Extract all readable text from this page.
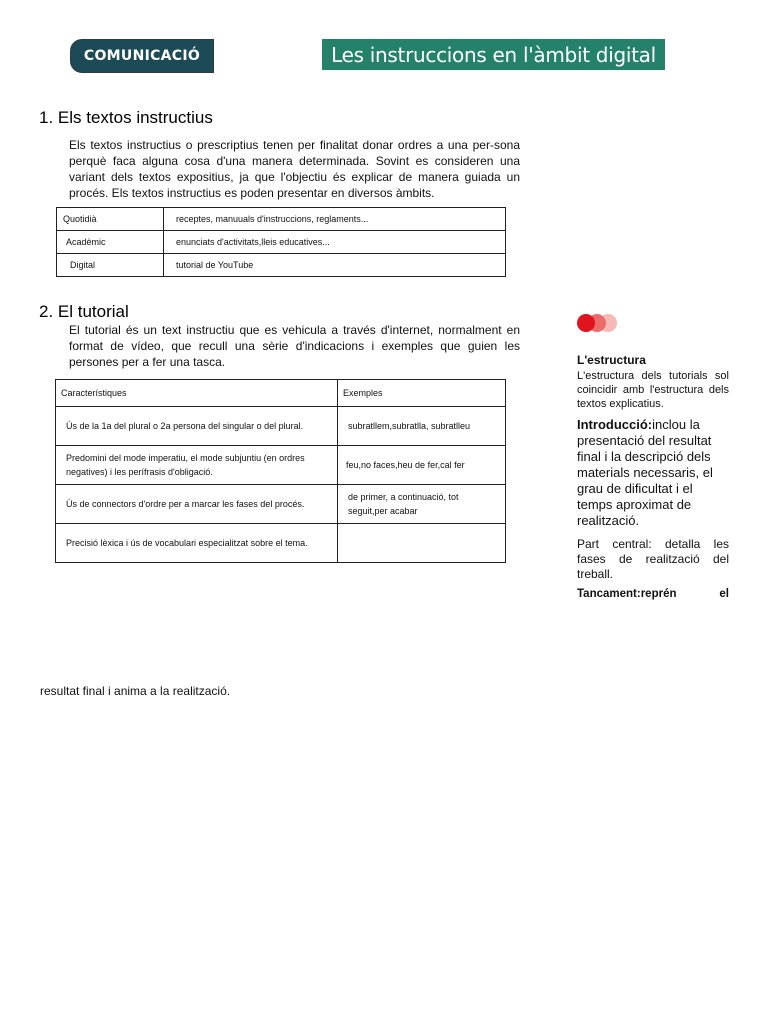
COMUNICACIÓ	Les instruccions en l'àmbit digital
1. Els textos instructius

Els textos instructius o prescriptius tenen per finalitat donar ordres a una per-sona perquè faca alguna cosa d'una manera determinada. Sovint es consideren una variant dels textos expositius, ja que l'objectiu és explicar de manera guiada un procés. Els textos instructius es poden presentar en diversos àmbits.

Quotidià	receptes, manuuals d'instruccions, reglaments...
Acadèmic	enunciats d'activitats,lleis educatives...
Digital	tutorial de YouTube
2. El tutorial

El tutorial és un text instructiu que es vehicula a través d'internet, normalment en format de vídeo, que recull una sèrie d'indicacions i exemples que guien les persones per a fer una tasca.

Característiques	Exemples
Ús de la 1a del plural o 2a persona del singular o del plural.	subratllem,subratlla, subratlleu
Predomini del mode imperatiu, el mode subjuntiu (en ordres negatives) i les perífrasis d'obligació.	feu,no faces,heu de fer,cal fer
Ús de connectors d'ordre per a marcar les fases del procés.	de primer, a continuació, tot seguit,per acabar
Precisió lèxica i ús de vocabulari especialitzat sobre el tema.	
L'estructura

L'estructura dels tutorials sol coincidir amb l'estructura dels textos explicatius.

Introducció:inclou la presentació del resultat final i la descripció dels materials necessaris, el grau de dificultat i el temps aproximat de realització.

Part central: detalla les fases de realització del treball.

Tancament:reprén el

resultat final i anima a la realització.
